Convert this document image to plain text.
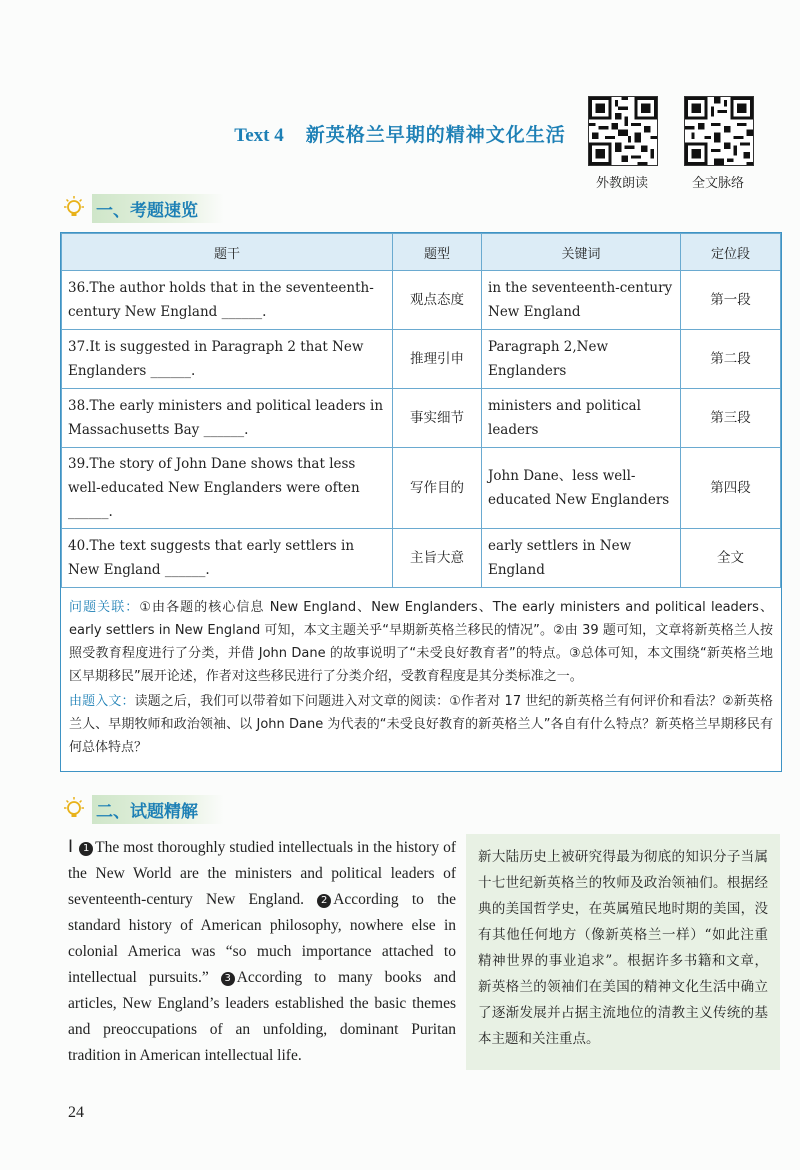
Text 4 新英格兰早期的精神文化生活
外教朗读	全文脉络
一、考题速览
题干	题型	关键词	定位段
36.The author holds that in the seventeenth-century New England ______.	观点态度	in the seventeenth-century New England	第一段
37.It is suggested in Paragraph 2 that New Englanders ______.	推理引申	Paragraph 2,New Englanders	第二段
38.The early ministers and political leaders in Massachusetts Bay ______.	事实细节	ministers and political leaders	第三段
39.The story of John Dane shows that less well-educated New Englanders were often ______.	写作目的	John Dane、less well-educated New Englanders	第四段
40.The text suggests that early settlers in New England ______.	主旨大意	early settlers in New England	全文

问题关联：①由各题的核心信息 New England、New Englanders、The early ministers and political leaders、early settlers in New England 可知，本文主题关乎“早期新英格兰移民的情况”。②由 39 题可知，文章将新英格兰人按照受教育程度进行了分类，并借 John Dane 的故事说明了“未受良好教育者”的特点。③总体可知，本文围绕“新英格兰地区早期移民”展开论述，作者对这些移民进行了分类介绍，受教育程度是其分类标准之一。

由题入文：读题之后，我们可以带着如下问题进入对文章的阅读：①作者对 17 世纪的新英格兰有何评价和看法？②新英格兰人、早期牧师和政治领袖、以 John Dane 为代表的“未受良好教育的新英格兰人”各自有什么特点？新英格兰早期移民有何总体特点？

二、试题精解
Ⅰ 1 The most thoroughly studied intellectuals in the history of the New World are the ministers and political leaders of seventeenth-century New England. 2 According to the standard history of American philosophy, nowhere else in colonial America was “so much importance attached to intellectual pursuits.” 3 According to many books and articles, New England’s leaders established the basic themes and preoccupations of an unfolding, dominant Puritan tradition in American intellectual life.
新大陆历史上被研究得最为彻底的知识分子当属十七世纪新英格兰的牧师及政治领袖们。根据经典的美国哲学史，在英属殖民地时期的美国，没有其他任何地方（像新英格兰一样）“如此注重精神世界的事业追求”。根据许多书籍和文章，新英格兰的领袖们在美国的精神文化生活中确立了逐渐发展并占据主流地位的清教主义传统的基本主题和关注重点。
24
